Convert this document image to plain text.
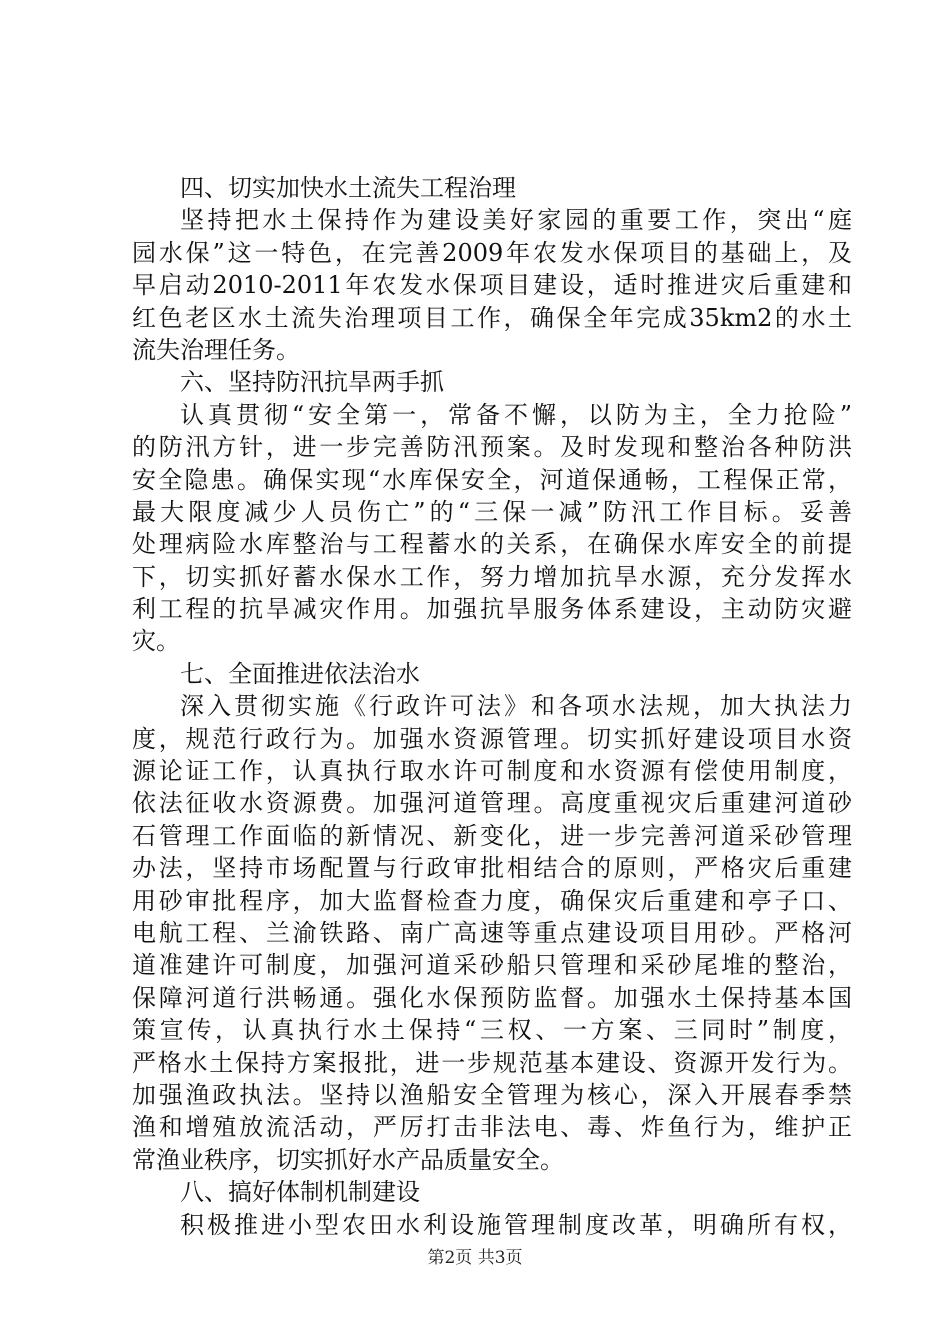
四、切实加快水土流失工程治理
坚持把水土保持作为建设美好家园的重要工作，突出“庭
园水保”这一特色，在完善2009年农发水保项目的基础上，及
早启动2010-2011年农发水保项目建设，适时推进灾后重建和
红色老区水土流失治理项目工作，确保全年完成35km2的水土
流失治理任务。
六、坚持防汛抗旱两手抓
认真贯彻“安全第一，常备不懈，以防为主，全力抢险”
的防汛方针，进一步完善防汛预案。及时发现和整治各种防洪
安全隐患。确保实现“水库保安全，河道保通畅，工程保正常，
最大限度减少人员伤亡”的“三保一减”防汛工作目标。妥善
处理病险水库整治与工程蓄水的关系，在确保水库安全的前提
下，切实抓好蓄水保水工作，努力增加抗旱水源，充分发挥水
利工程的抗旱减灾作用。加强抗旱服务体系建设，主动防灾避
灾。
七、全面推进依法治水
深入贯彻实施《行政许可法》和各项水法规，加大执法力
度，规范行政行为。加强水资源管理。切实抓好建设项目水资
源论证工作，认真执行取水许可制度和水资源有偿使用制度，
依法征收水资源费。加强河道管理。高度重视灾后重建河道砂
石管理工作面临的新情况、新变化，进一步完善河道采砂管理
办法，坚持市场配置与行政审批相结合的原则，严格灾后重建
用砂审批程序，加大监督检查力度，确保灾后重建和亭子口、
电航工程、兰渝铁路、南广高速等重点建设项目用砂。严格河
道准建许可制度，加强河道采砂船只管理和采砂尾堆的整治，
保障河道行洪畅通。强化水保预防监督。加强水土保持基本国
策宣传，认真执行水土保持“三权、一方案、三同时”制度，
严格水土保持方案报批，进一步规范基本建设、资源开发行为。
加强渔政执法。坚持以渔船安全管理为核心，深入开展春季禁
渔和增殖放流活动，严厉打击非法电、毒、炸鱼行为，维护正
常渔业秩序，切实抓好水产品质量安全。
八、搞好体制机制建设
积极推进小型农田水利设施管理制度改革，明确所有权，
第2页 共3页
